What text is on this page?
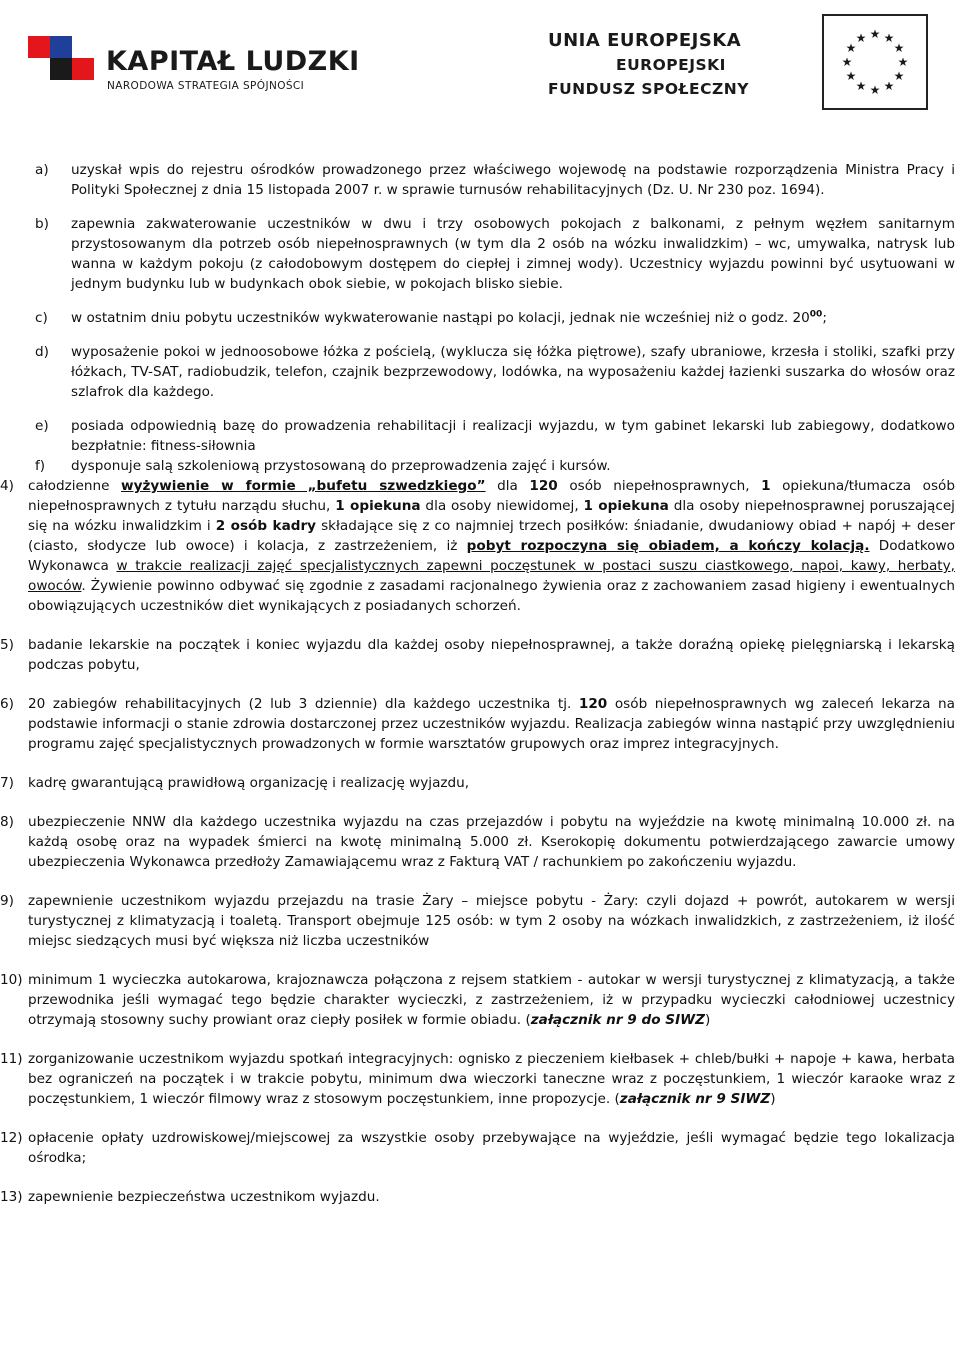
KAPITAŁ LUDZKI
NARODOWA STRATEGIA SPÓJNOŚCI
UNIA EUROPEJSKA
EUROPEJSKI
FUNDUSZ SPOŁECZNY
★ ★
★
★
★
★
★
★
★
★
★
★
a) uzyskał wpis do rejestru ośrodków prowadzonego przez właściwego wojewodę na podstawie rozporządzenia Ministra Pracy i Polityki Społecznej z dnia 15 listopada 2007 r. w sprawie turnusów rehabilitacyjnych (Dz. U. Nr 230 poz. 1694).
b) zapewnia zakwaterowanie uczestników w dwu i trzy osobowych pokojach z balkonami, z pełnym węzłem sanitarnym przystosowanym dla potrzeb osób niepełnosprawnych (w tym dla 2 osób na wózku inwalidzkim) – wc, umywalka, natrysk lub wanna w każdym pokoju (z całodobowym dostępem do ciepłej i zimnej wody). Uczestnicy wyjazdu powinni być usytuowani w jednym budynku lub w budynkach obok siebie, w pokojach blisko siebie.
c) w ostatnim dniu pobytu uczestników wykwaterowanie nastąpi po kolacji, jednak nie wcześniej niż o godz. $20^{00}$;
d) wyposażenie pokoi w jednoosobowe łóżka z pościelą, (wyklucza się łóżka piętrowe), szafy ubraniowe, krzesła i stoliki, szafki przy łóżkach, TV-SAT, radiobudzik, telefon, czajnik bezprzewodowy, lodówka, na wyposażeniu każdej łazienki suszarka do włosów oraz szlafrok dla każdego.
e) posiada odpowiednią bazę do prowadzenia rehabilitacji i realizacji wyjazdu, w tym gabinet lekarski lub zabiegowy, dodatkowo bezpłatnie: fitness-siłownia
f) dysponuje salą szkoleniową przystosowaną do przeprowadzenia zajęć i kursów.
4) całodzienne wyżywienie w formie „bufetu szwedzkiego” dla 120 osób niepełnosprawnych, 1 opiekuna/tłumacza osób niepełnosprawnych z tytułu narządu słuchu, 1 opiekuna dla osoby niewidomej, 1 opiekuna dla osoby niepełnosprawnej poruszającej się na wózku inwalidzkim i 2 osób kadry składające się z co najmniej trzech posiłków: śniadanie, dwudaniowy obiad + napój + deser (ciasto, słodycze lub owoce) i kolacja, z zastrzeżeniem, iż pobyt rozpoczyna się obiadem, a kończy kolacją. Dodatkowo Wykonawca w trakcie realizacji zajęć specjalistycznych zapewni poczęstunek w postaci suszu ciastkowego, napoi, kawy, herbaty, owoców. Żywienie powinno odbywać się zgodnie z zasadami racjonalnego żywienia oraz z zachowaniem zasad higieny i ewentualnych obowiązujących uczestników diet wynikających z posiadanych schorzeń.
5) badanie lekarskie na początek i koniec wyjazdu dla każdej osoby niepełnosprawnej, a także doraźną opiekę pielęgniarską i lekarską podczas pobytu,
6) 20 zabiegów rehabilitacyjnych (2 lub 3 dziennie) dla każdego uczestnika tj. 120 osób niepełnosprawnych wg zaleceń lekarza na podstawie informacji o stanie zdrowia dostarczonej przez uczestników wyjazdu. Realizacja zabiegów winna nastąpić przy uwzględnieniu programu zajęć specjalistycznych prowadzonych w formie warsztatów grupowych oraz imprez integracyjnych.
7) kadrę gwarantującą prawidłową organizację i realizację wyjazdu,
8) ubezpieczenie NNW dla każdego uczestnika wyjazdu na czas przejazdów i pobytu na wyjeździe na kwotę minimalną 10.000 zł. na każdą osobę oraz na wypadek śmierci na kwotę minimalną 5.000 zł. Kserokopię dokumentu potwierdzającego zawarcie umowy ubezpieczenia Wykonawca przedłoży Zamawiającemu wraz z Fakturą VAT / rachunkiem po zakończeniu wyjazdu.
9) zapewnienie uczestnikom wyjazdu przejazdu na trasie Żary – miejsce pobytu - Żary: czyli dojazd + powrót, autokarem w wersji turystycznej z klimatyzacją i toaletą. Transport obejmuje 125 osób: w tym 2 osoby na wózkach inwalidzkich, z zastrzeżeniem, iż ilość miejsc siedzących musi być większa niż liczba uczestników
10) minimum 1 wycieczka autokarowa, krajoznawcza połączona z rejsem statkiem - autokar w wersji turystycznej z klimatyzacją, a także przewodnika jeśli wymagać tego będzie charakter wycieczki, z zastrzeżeniem, iż w przypadku wycieczki całodniowej uczestnicy otrzymają stosowny suchy prowiant oraz ciepły posiłek w formie obiadu. (załącznik nr 9 do SIWZ)
11) zorganizowanie uczestnikom wyjazdu spotkań integracyjnych: ognisko z pieczeniem kiełbasek + chleb/bułki + napoje + kawa, herbata bez ograniczeń na początek i w trakcie pobytu, minimum dwa wieczorki taneczne wraz z poczęstunkiem, 1 wieczór karaoke wraz z poczęstunkiem, 1 wieczór filmowy wraz z stosowym poczęstunkiem, inne propozycje. (załącznik nr 9 SIWZ)
12) opłacenie opłaty uzdrowiskowej/miejscowej za wszystkie osoby przebywające na wyjeździe, jeśli wymagać będzie tego lokalizacja ośrodka;
13) zapewnienie bezpieczeństwa uczestnikom wyjazdu.
